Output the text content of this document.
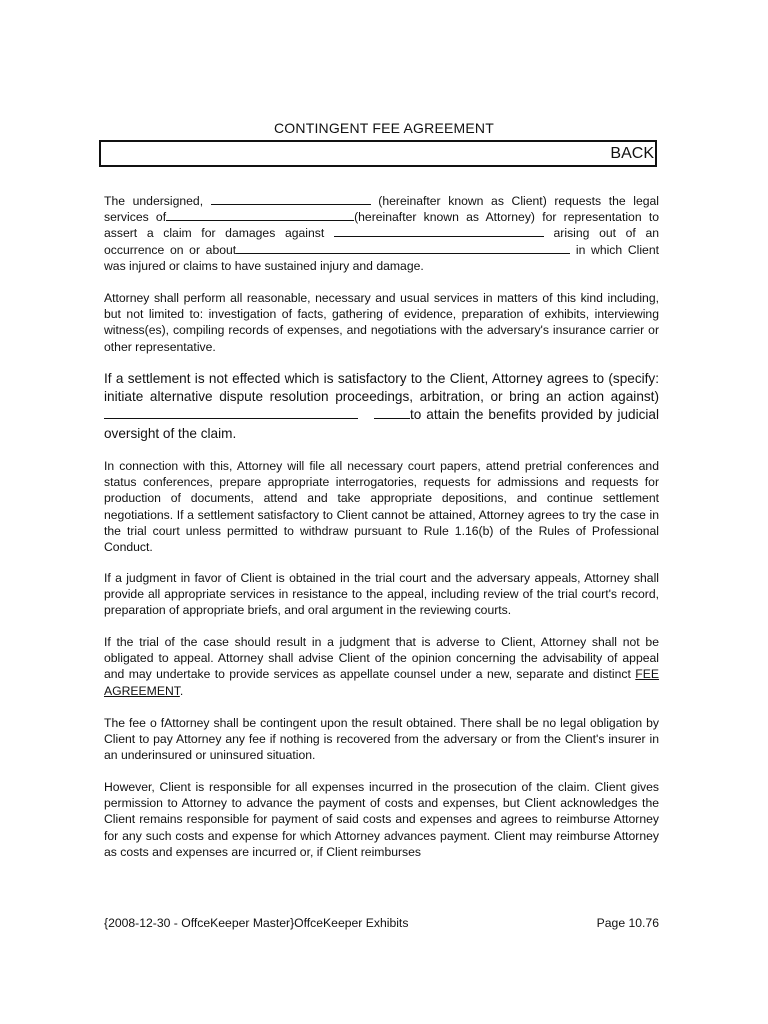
CONTINGENT FEE AGREEMENT
BACK
The undersigned,	(hereinafter known as Client) requests the legal services of	(hereinafter known as Attorney) for representation to assert a claim for damages against	arising out of an occurrence on or about	in which Client was injured or claims to have sustained injury and damage.
Attorney shall perform all reasonable, necessary and usual services in matters of this kind including, but not limited to: investigation of facts, gathering of evidence, preparation of exhibits, interviewing witness(es), compiling records of expenses, and negotiations with the adversary's insurance carrier or other representative.
If a settlement is not effected which is satisfactory to the Client, Attorney agrees to (specify: initiate alternative dispute resolution proceedings, arbitration, or bring an action against)   to attain the benefits provided by judicial oversight of the claim.
In connection with this, Attorney will file all necessary court papers, attend pretrial conferences and status conferences, prepare appropriate interrogatories, requests for admissions and requests for production of documents, attend and take appropriate depositions, and continue settlement negotiations. If a settlement satisfactory to Client cannot be attained, Attorney agrees to try the case in the trial court unless permitted to withdraw pursuant to Rule 1.16(b) of the Rules of Professional Conduct.
If a judgment in favor of Client is obtained in the trial court and the adversary appeals, Attorney shall provide all appropriate services in resistance to the appeal, including review of the trial court's record, preparation of appropriate briefs, and oral argument in the reviewing courts.
If the trial of the case should result in a judgment that is adverse to Client, Attorney shall not be obligated to appeal. Attorney shall advise Client of the opinion concerning the advisability of appeal and may undertake to provide services as appellate counsel under a new, separate and distinct FEE AGREEMENT.
The fee o fAttorney shall be contingent upon the result obtained. There shall be no legal obligation by Client to pay Attorney any fee if nothing is recovered from the adversary or from the Client's insurer in an underinsured or uninsured situation.
However, Client is responsible for all expenses incurred in the prosecution of the claim. Client gives permission to Attorney to advance the payment of costs and expenses, but Client acknowledges the Client remains responsible for payment of said costs and expenses and agrees to reimburse Attorney for any such costs and expense for which Attorney advances payment. Client may reimburse Attorney as costs and expenses are incurred or, if Client reimburses
{2008-12-30 - OffceKeeper Master}OffceKeeper Exhibits	Page 10.76
